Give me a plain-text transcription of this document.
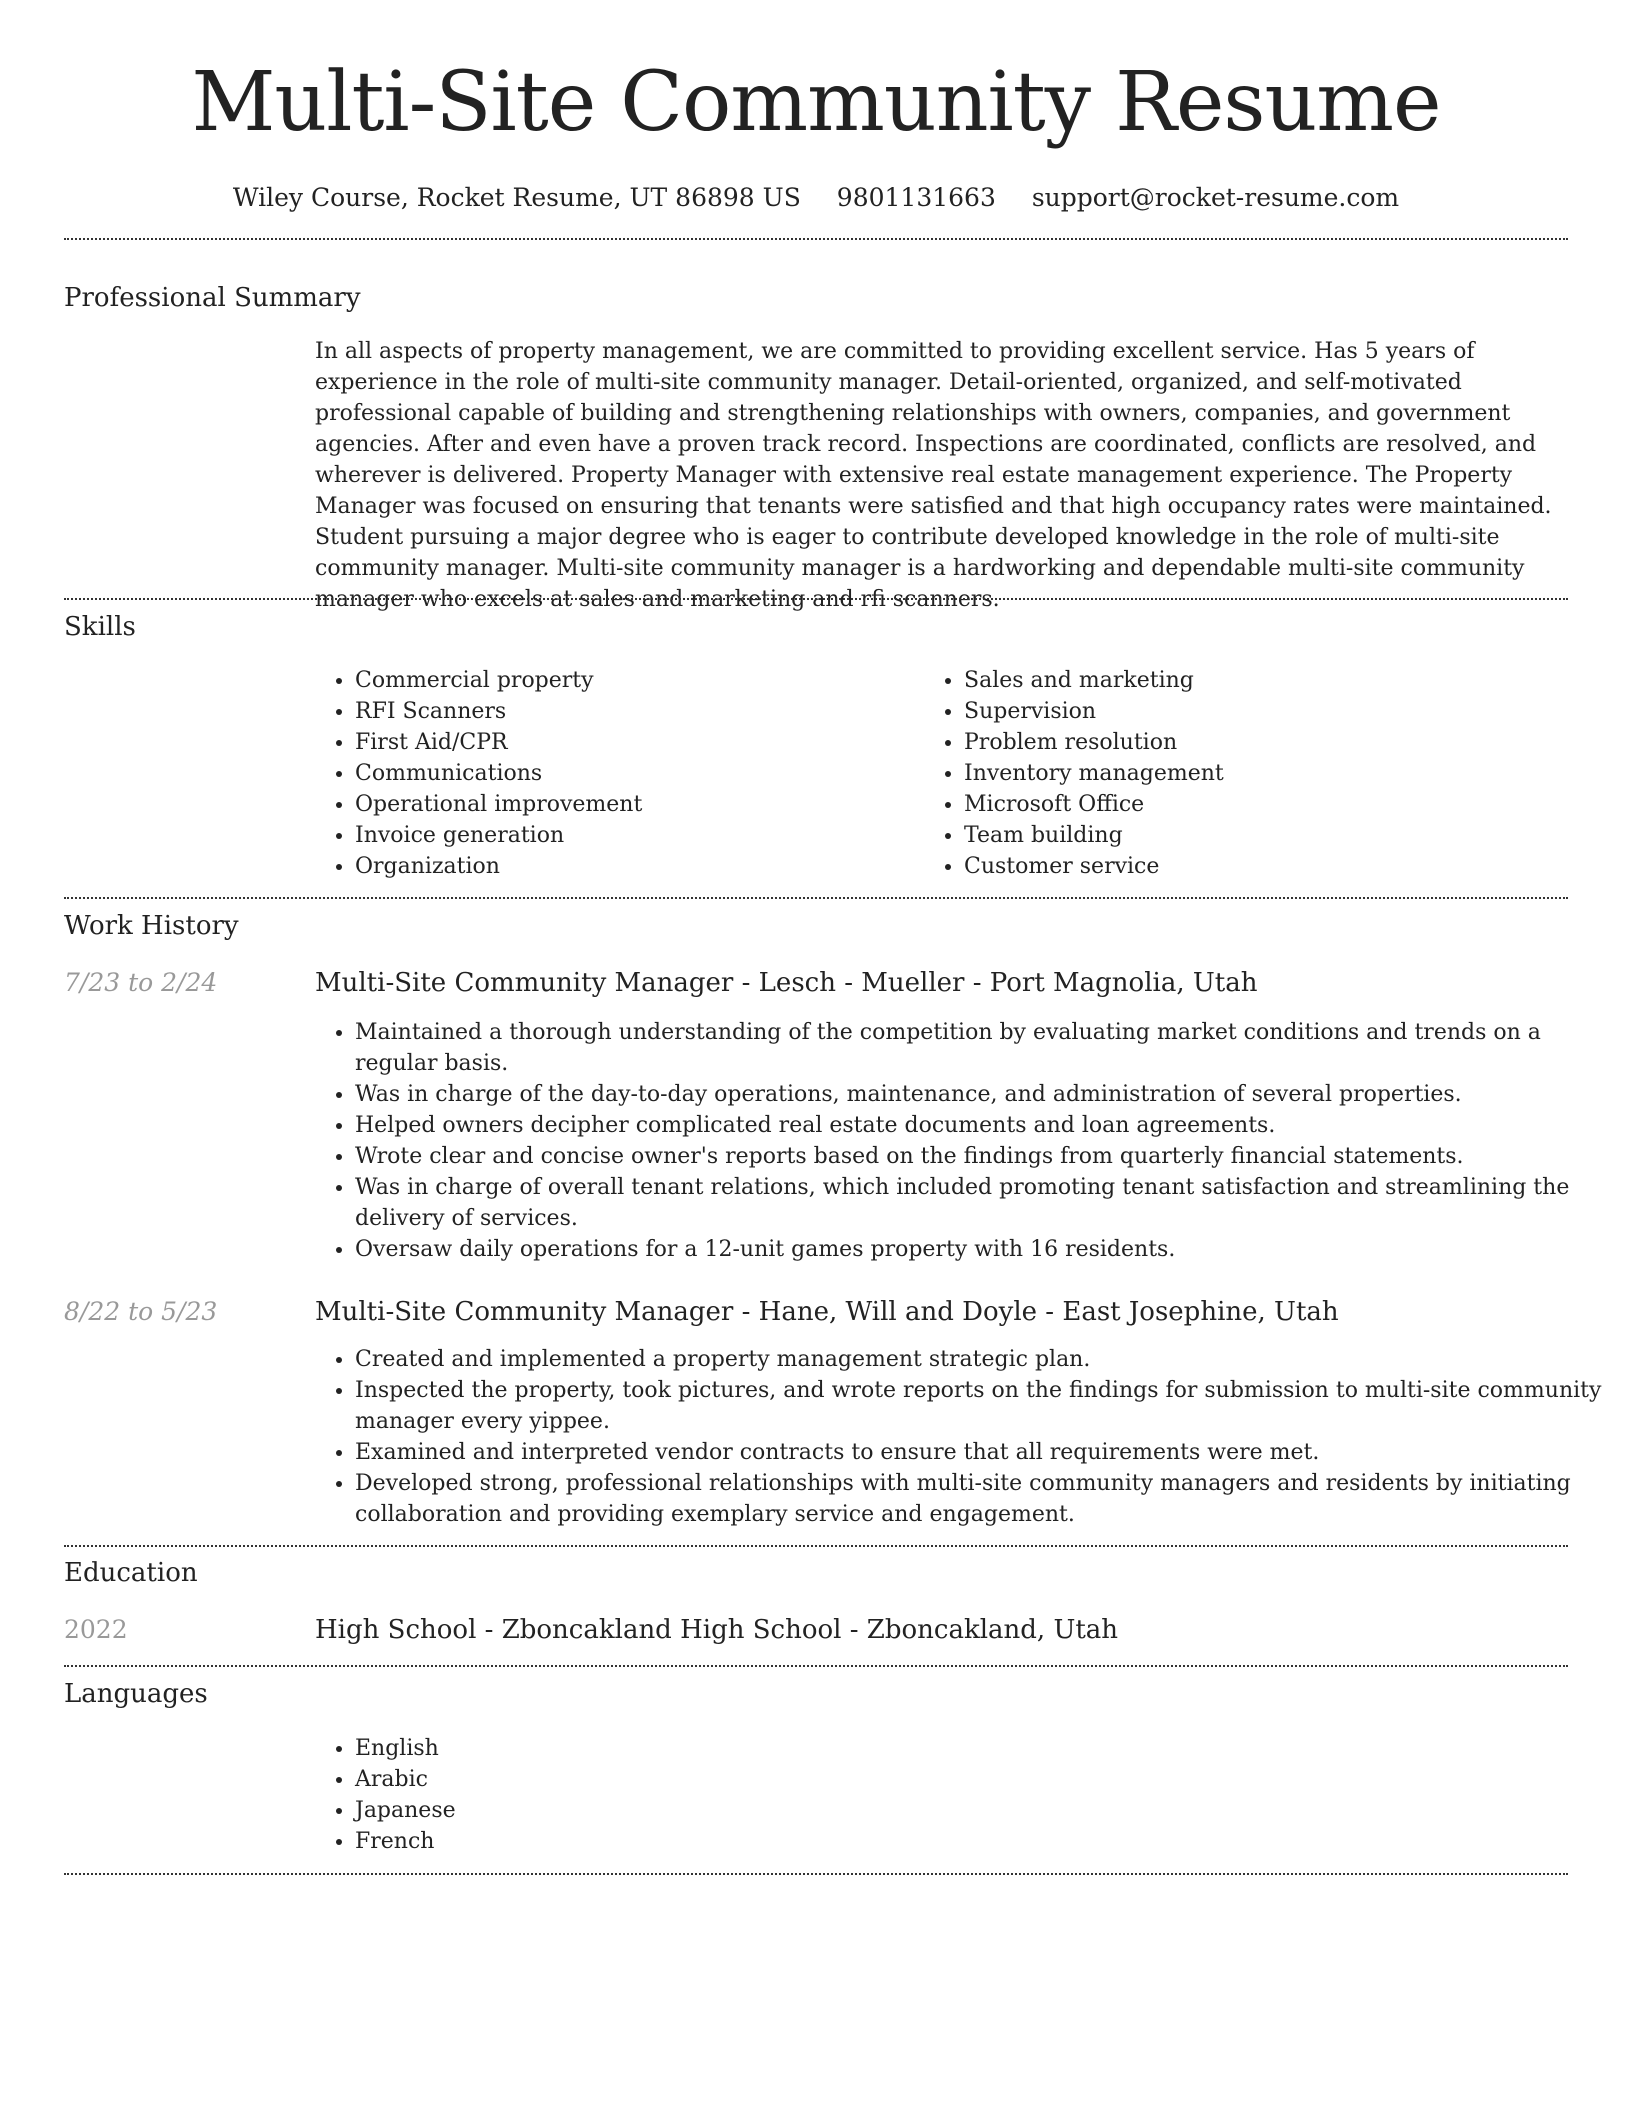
Multi-Site Community Resume
Wiley Course, Rocket Resume, UT 86898 US 9801131663 support@rocket-resume.com
Professional Summary

In all aspects of property management, we are committed to providing excellent service. Has 5 years of experience in the role of multi-site community manager. Detail-oriented, organized, and self-motivated professional capable of building and strengthening relationships with owners, companies, and government agencies. After and even have a proven track record. Inspections are coordinated, conflicts are resolved, and wherever is delivered. Property Manager with extensive real estate management experience. The Property Manager was focused on ensuring that tenants were satisfied and that high occupancy rates were maintained. Student pursuing a major degree who is eager to contribute developed knowledge in the role of multi-site community manager. Multi-site community manager is a hardworking and dependable multi-site community manager who excels at sales and marketing and rfi scanners.

Skills
• Commercial property
• RFI Scanners
• First Aid/CPR
• Communications
• Operational improvement
• Invoice generation
• Organization
• Sales and marketing
• Supervision
• Problem resolution
• Inventory management
• Microsoft Office
• Team building
• Customer service
Work History
7/23 to 2/24	Multi-Site Community Manager - Lesch - Mueller - Port Magnolia, Utah
• Maintained a thorough understanding of the competition by evaluating market conditions and trends on a regular basis.
• Was in charge of the day-to-day operations, maintenance, and administration of several properties.
• Helped owners decipher complicated real estate documents and loan agreements.
• Wrote clear and concise owner's reports based on the findings from quarterly financial statements.
• Was in charge of overall tenant relations, which included promoting tenant satisfaction and streamlining the delivery of services.
• Oversaw daily operations for a 12-unit games property with 16 residents.
8/22 to 5/23	Multi-Site Community Manager - Hane, Will and Doyle - East Josephine, Utah
• Created and implemented a property management strategic plan.
• Inspected the property, took pictures, and wrote reports on the findings for submission to multi-site community manager every yippee.
• Examined and interpreted vendor contracts to ensure that all requirements were met.
• Developed strong, professional relationships with multi-site community managers and residents by initiating collaboration and providing exemplary service and engagement.
Education
2022	High School - Zboncakland High School - Zboncakland, Utah
Languages
• English
• Arabic
• Japanese
• French
